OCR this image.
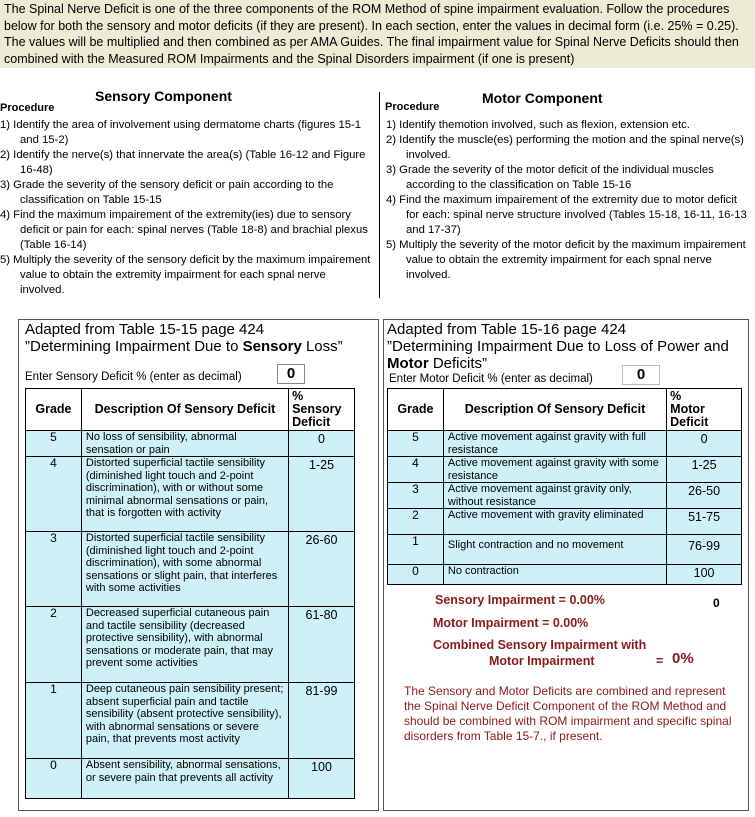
The Spinal Nerve Deficit is one of the three components of the ROM Method of spine impairment evaluation. Follow the procedures below for both the sensory and motor deficits (if they are present). In each section, enter the values in decimal form (i.e. 25% = 0.25). The values will be multiplied and then combined as per AMA Guides. The final impairment value for Spinal Nerve Deficits should then combined with the Measured ROM Impairments and the Spinal Disorders impairment (if one is present)
Sensory Component
Procedure
1) Identify the area of involvement using dermatome charts (figures 15-1 and 15-2)
2) Identify the nerve(s) that innervate the area(s) (Table 16-12 and Figure 16-48)
3) Grade the severity of the sensory deficit or pain according to the classification on Table 15-15
4) Find the maximum impairement of the extremity(ies) due to sensory deficit or pain for each: spinal nerves (Table 18-8) and brachial plexus (Table 16-14)
5) Multiply the severity of the sensory deficit by the maximum impairement value to obtain the extremity impairment for each spnal nerve involved.
Motor Component
Procedure
1) Identify themotion involved, such as flexion, extension etc.
2) Identify the muscle(es) performing the motion and the spinal nerve(s) involved.
3) Grade the severity of the motor deficit of the individual muscles according to the classification on Table 15-16
4) Find the maximum impairement of the extremity due to motor deficit for each: spinal nerve structure involved (Tables 15-18, 16-11, 16-13 and 17-37)
5) Multiply the severity of the motor deficit by the maximum impairement value to obtain the extremity impairment for each spnal nerve involved.
Adapted from Table 15-15 page 424
”Determining Impairment Due to Sensory Loss”
Enter Sensory Deficit % (enter as decimal)	0
Grade	Description Of Sensory Deficit	%
Sensory
Deficit

5	No loss of sensibility, abnormal sensation or pain	0
4	Distorted superficial tactile sensibility (diminished light touch and 2-point discrimination), with or without some minimal abnormal sensations or pain, that is forgotten with activity	1-25
3	Distorted superficial tactile sensibility (diminished light touch and 2-point discrimination), with some abnormal sensations or slight pain, that interferes with some activities	26-60
2	Decreased superficial cutaneous pain and tactile sensibility (decreased protective sensibility), with abnormal sensations or moderate pain, that may prevent some activities	61-80
1	Deep cutaneous pain sensibility present; absent superficial pain and tactile sensibility (absent protective sensibility), with abnormal sensations or severe pain, that prevents most activity	81-99
0	Absent sensibility, abnormal sensations, or severe pain that prevents all activity	100
Adapted from Table 15-16 page 424
”Determining Impairment Due to Loss of Power and Motor Deficits”
Enter Motor Deficit % (enter as decimal)	0
Grade	Description Of Sensory Deficit	%
Motor
Deficit

5	Active movement against gravity with full resistance	0
4	Active movement against gravity with some resistance	1-25
3	Active movement against gravity only, without resistance	26-50
2	Active movement with gravity eliminated	51-75
1	Slight contraction and no movement	76-99
0	No contraction	100
Sensory Impairment = 0.00%	0
Motor Impairment = 0.00%
Combined Sensory Impairment with
Motor Impairment	= 0%
The Sensory and Motor Deficits are combined and represent the Spinal Nerve Deficit Component of the ROM Method and should be combined with ROM impairment and specific spinal disorders from Table 15-7., if present.
